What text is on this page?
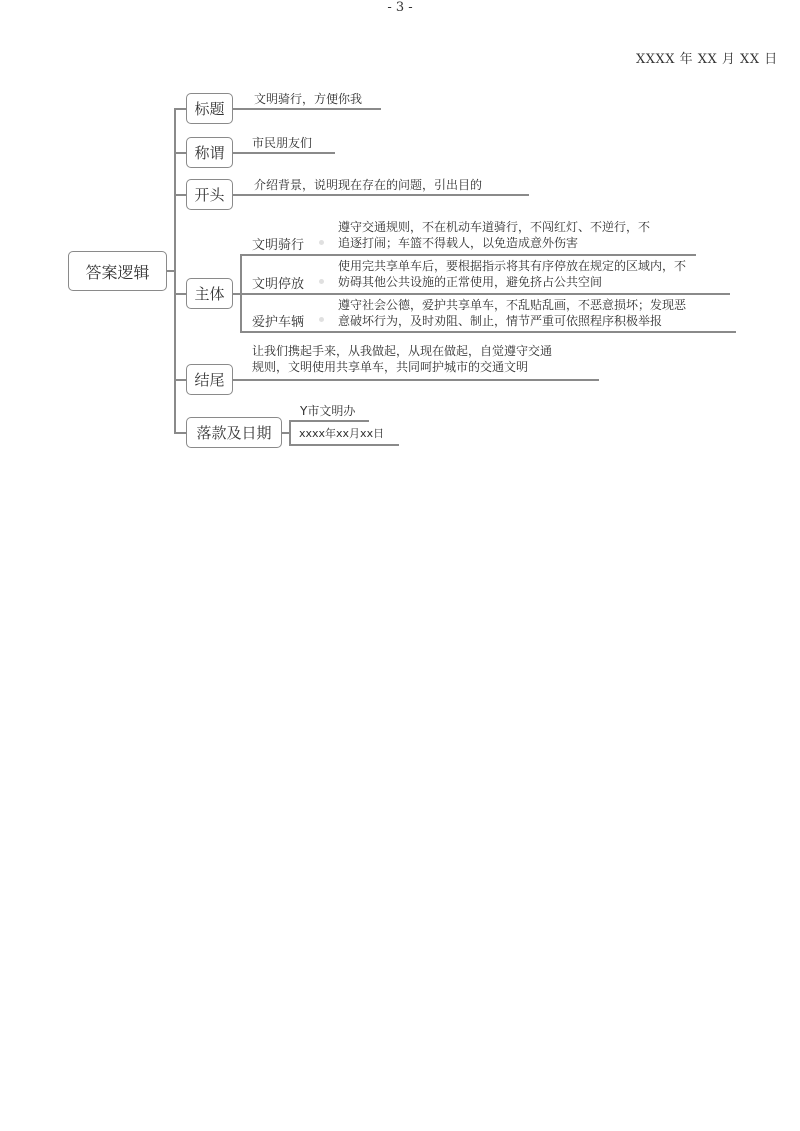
XXXX 年 XX 月 XX 日
答案逻辑
标题
文明骑行，方便你我
称谓
市民朋友们
开头
介绍背景，说明现在存在的问题，引出目的
主体
文明骑行
遵守交通规则，不在机动车道骑行，不闯红灯、不逆行，不
追逐打闹；车篮不得载人，以免造成意外伤害
文明停放
使用完共享单车后，要根据指示将其有序停放在规定的区域内，不
妨碍其他公共设施的正常使用，避免挤占公共空间
爱护车辆
遵守社会公德，爱护共享单车，不乱贴乱画，不恶意损坏；发现恶
意破坏行为，及时劝阻、制止，情节严重可依照程序积极举报
结尾
让我们携起手来，从我做起，从现在做起，自觉遵守交通
规则，文明使用共享单车，共同呵护城市的交通文明
落款及日期
Y市文明办
xxxx年xx月xx日
- 3 -
